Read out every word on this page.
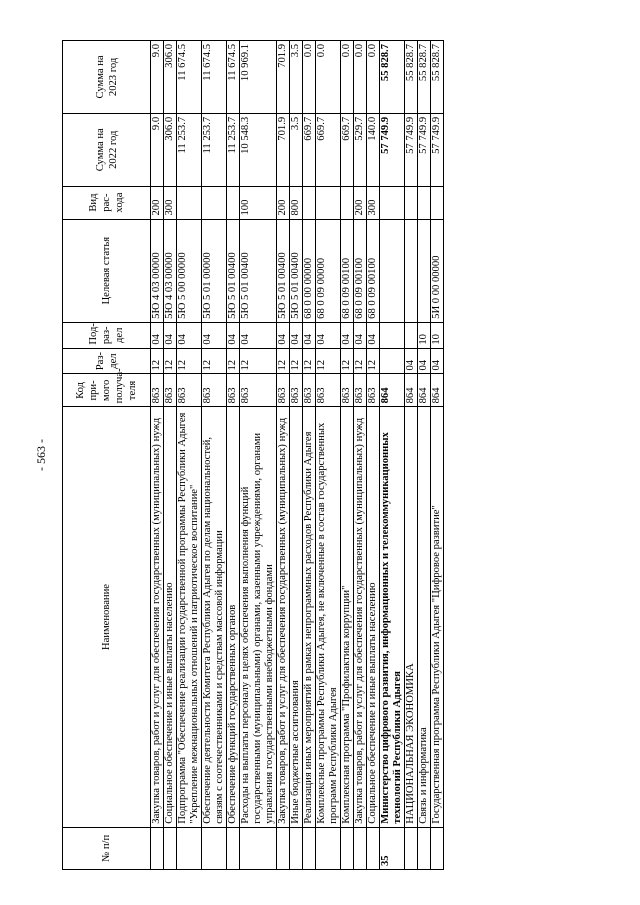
- 563 -
№ п/п	Наименование	Код при-мого получа-теля	Раз-дел	Под-раз-дел	Целевая статья	Вид рас-хода	Сумма на 2022 год	Сумма на 2023 год
	Закупка товаров, работ и услуг для обеспечения государственных (муниципальных) нужд	863	12	04	5Ю 4 03 00000	200	9.0	9.0
	Социальное обеспечение и иные выплаты населению	863	12	04	5Ю 4 03 00000	300	306.0	306.0
	Подпрограмма "Обеспечение реализации государственной программы Республики Адыгея "Укрепление межнациональных отношений и патриотическое воспитание"	863	12	04	5Ю 5 00 00000		11 253.7	11 674.5
	Обеспечение деятельности Комитета Республики Адыгея по делам национальностей, связям с соотечественниками и средствам массовой информации	863	12	04	5Ю 5 01 00000		11 253.7	11 674.5
	Обеспечение функций государственных органов	863	12	04	5Ю 5 01 00400		11 253.7	11 674.5
	Расходы на выплаты персоналу в целях обеспечения выполнения функций государственными (муниципальными) органами, казенными учреждениями, органами управления государственными внебюджетными фондами	863	12	04	5Ю 5 01 00400	100	10 548.3	10 969.1
	Закупка товаров, работ и услуг для обеспечения государственных (муниципальных) нужд	863	12	04	5Ю 5 01 00400	200	701.9	701.9
	Иные бюджетные ассигнования	863	12	04	5Ю 5 01 00400	800	3.5	3.5
	Реализация иных мероприятий в рамках непрограммных расходов Республики Адыгея	863	12	04	68 0 00 00000		669.7	0.0
	Комплексные программы Республики Адыгея, не включенные в состав государственных программ Республики Адыгея	863	12	04	68 0 09 00000		669.7	0.0
	Комплексная программа "Профилактика коррупции"	863	12	04	68 0 09 00100		669.7	0.0
	Закупка товаров, работ и услуг для обеспечения государственных (муниципальных) нужд	863	12	04	68 0 09 00100	200	529.7	0.0
	Социальное обеспечение и иные выплаты населению	863	12	04	68 0 09 00100	300	140.0	0.0
35	Министерство цифрового развития, информационных и телекоммуникационных технологий Республики Адыгея	864					57 749.9	55 828.7
	НАЦИОНАЛЬНАЯ ЭКОНОМИКА	864	04				57 749.9	55 828.7
	Связь и информатика	864	04	10			57 749.9	55 828.7
	Государственная программа Республики Адыгея "Цифровое развитие"	864	04	10	5И 0 00 00000		57 749.9	55 828.7
